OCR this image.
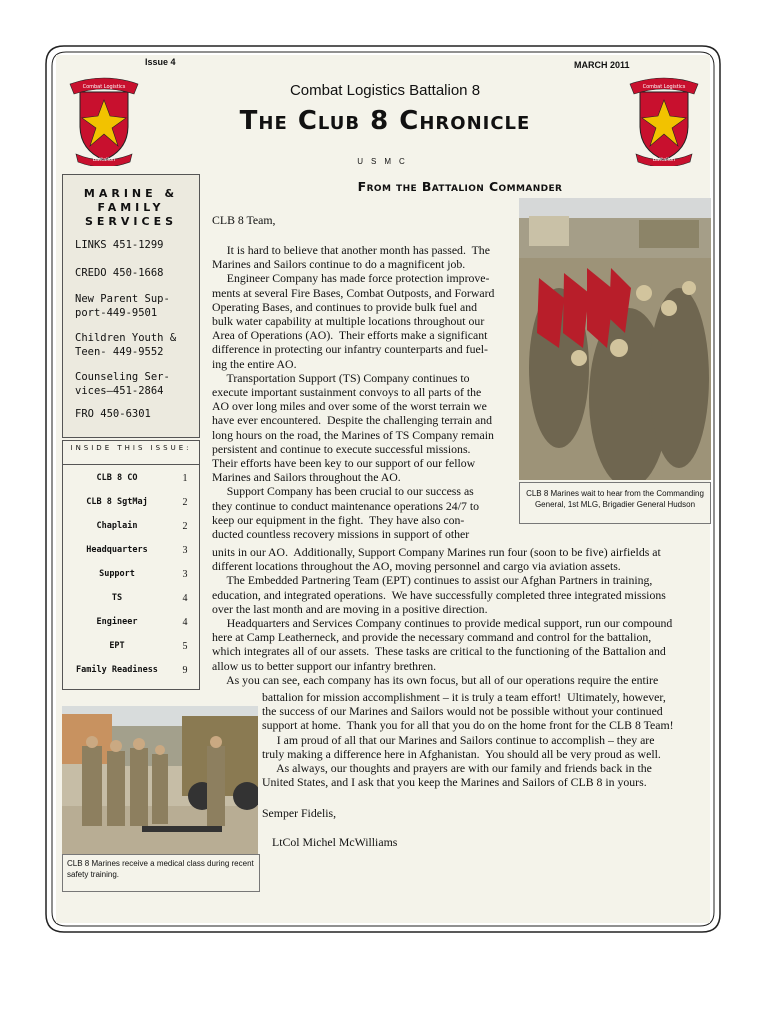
Issue 4	MARCH 2011
Combat Logistics
Battalion
Combat Logistics
Battalion
Combat Logistics Battalion 8
The Club 8 Chronicle
USMC
From the Battalion Commander
MARINE & FAMILY SERVICES
LINKS 451-1299
CREDO 450-1668
New Parent Sup-
port-449-9501
Children Youth &
Teen- 449-9552
Counseling Ser-
vices—451-2864
FRO 450-6301
INSIDE THIS ISSUE:
CLB 8 CO	1
CLB 8 SgtMaj	2
Chaplain	2
Headquarters	3
Support	3
TS	4
Engineer	4
EPT	5
Family Readiness	9
CLB 8 Team,
It is hard to believe that another month has passed.  The
Marines and Sailors continue to do a magnificent job.
Engineer Company has made force protection improve-
ments at several Fire Bases, Combat Outposts, and Forward
Operating Bases, and continues to provide bulk fuel and
bulk water capability at multiple locations throughout our
Area of Operations (AO).  Their efforts make a significant
difference in protecting our infantry counterparts and fuel-
ing the entire AO.
Transportation Support (TS) Company continues to
execute important sustainment convoys to all parts of the
AO over long miles and over some of the worst terrain we
have ever encountered.  Despite the challenging terrain and
long hours on the road, the Marines of TS Company remain
persistent and continue to execute successful missions.
Their efforts have been key to our support of our fellow
Marines and Sailors throughout the AO.
Support Company has been crucial to our success as
they continue to conduct maintenance operations 24/7 to
keep our equipment in the fight.  They have also con-
ducted countless recovery missions in support of other
units in our AO.  Additionally, Support Company Marines run four (soon to be five) airfields at
different locations throughout the AO, moving personnel and cargo via aviation assets.
The Embedded Partnering Team (EPT) continues to assist our Afghan Partners in training,
education, and integrated operations.  We have successfully completed three integrated missions
over the last month and are moving in a positive direction.
Headquarters and Services Company continues to provide medical support, run our compound
here at Camp Leatherneck, and provide the necessary command and control for the battalion,
which integrates all of our assets.  These tasks are critical to the functioning of the Battalion and
allow us to better support our infantry brethren.
As you can see, each company has its own focus, but all of our operations require the entire
battalion for mission accomplishment – it is truly a team effort!  Ultimately, however,
the success of our Marines and Sailors would not be possible without your continued
support at home.  Thank you for all that you do on the home front for the CLB 8 Team!
I am proud of all that our Marines and Sailors continue to accomplish – they are
truly making a difference here in Afghanistan.  You should all be very proud as well.
As always, our thoughts and prayers are with our family and friends back in the
United States, and I ask that you keep the Marines and Sailors of CLB 8 in yours.
Semper Fidelis,
LtCol Michel McWilliams
CLB 8 Marines wait to hear from the Commanding General, 1st MLG, Brigadier General Hudson
CLB 8 Marines receive a medical class during recent safety training.
